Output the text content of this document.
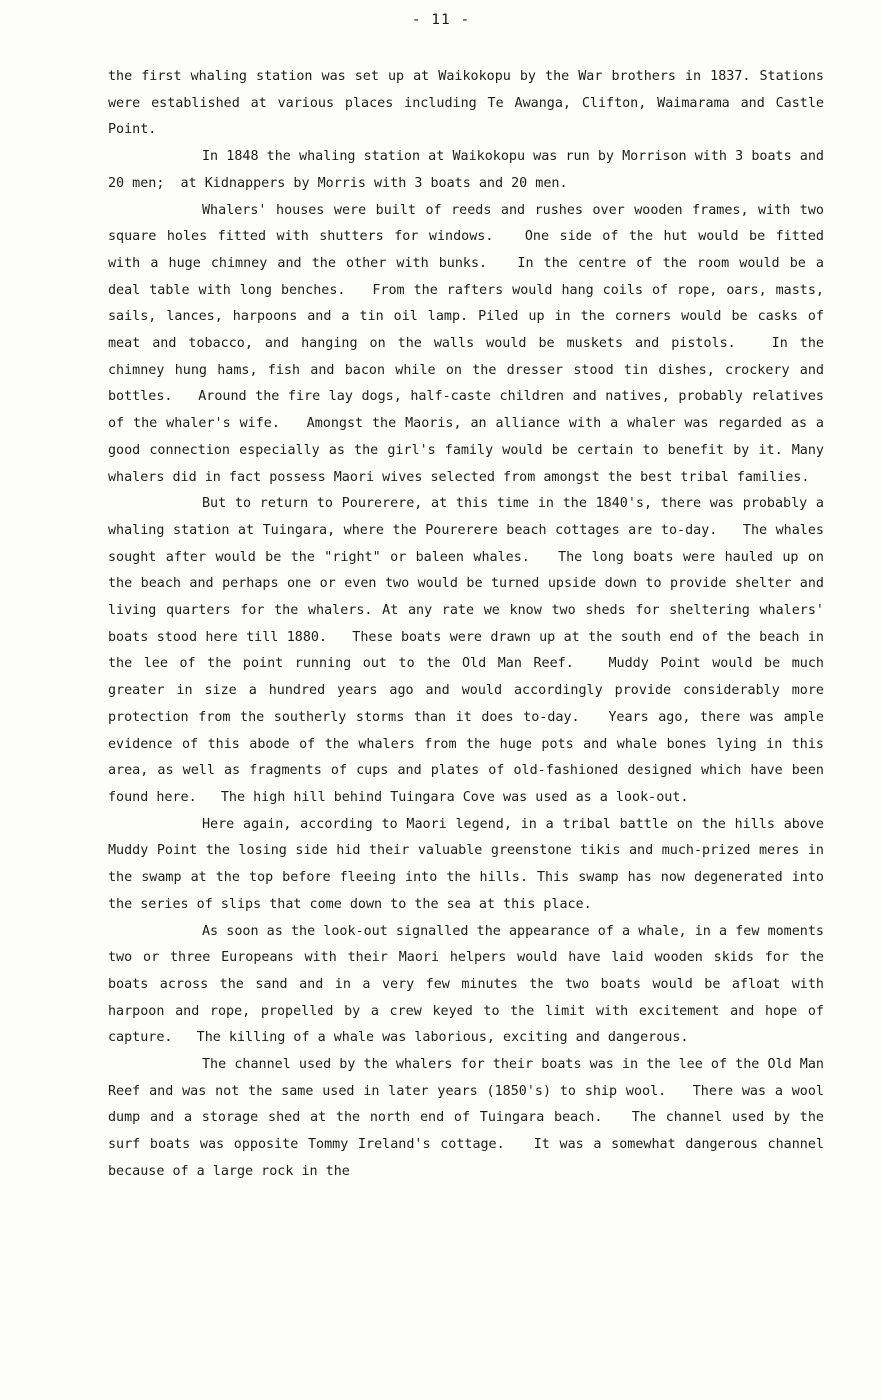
- 11 -

the first whaling station was set up at Waikokopu by the War brothers in 1837. Stations were established at various places including Te Awanga, Clifton, Waimarama and Castle Point.

In 1848 the whaling station at Waikokopu was run by Morrison with 3 boats and 20 men;  at Kidnappers by Morris with 3 boats and 20 men.

Whalers' houses were built of reeds and rushes over wooden frames, with two square holes fitted with shutters for windows.   One side of the hut would be fitted with a huge chimney and the other with bunks.   In the centre of the room would be a deal table with long benches.   From the rafters would hang coils of rope, oars, masts, sails, lances, harpoons and a tin oil lamp. Piled up in the corners would be casks of meat and tobacco, and hanging on the walls would be muskets and pistols.   In the chimney hung hams, fish and bacon while on the dresser stood tin dishes, crockery and bottles.   Around the fire lay dogs, half-caste children and natives, probably relatives of the whaler's wife.   Amongst the Maoris, an alliance with a whaler was regarded as a good connection especially as the girl's family would be certain to benefit by it. Many whalers did in fact possess Maori wives selected from amongst the best tribal families.

But to return to Pourerere, at this time in the 1840's, there was probably a whaling station at Tuingara, where the Pourerere beach cottages are to-day.   The whales sought after would be the "right" or baleen whales.   The long boats were hauled up on the beach and perhaps one or even two would be turned upside down to provide shelter and living quarters for the whalers. At any rate we know two sheds for sheltering whalers' boats stood here till 1880.   These boats were drawn up at the south end of the beach in the lee of the point running out to the Old Man Reef.   Muddy Point would be much greater in size a hundred years ago and would accordingly provide considerably more protection from the southerly storms than it does to-day.   Years ago, there was ample evidence of this abode of the whalers from the huge pots and whale bones lying in this area, as well as fragments of cups and plates of old-fashioned designed which have been found here.   The high hill behind Tuingara Cove was used as a look-out.

Here again, according to Maori legend, in a tribal battle on the hills above Muddy Point the losing side hid their valuable greenstone tikis and much-prized meres in the swamp at the top before fleeing into the hills. This swamp has now degenerated into the series of slips that come down to the sea at this place.

As soon as the look-out signalled the appearance of a whale, in a few moments two or three Europeans with their Maori helpers would have laid wooden skids for the boats across the sand and in a very few minutes the two boats would be afloat with harpoon and rope, propelled by a crew keyed to the limit with excitement and hope of capture.   The killing of a whale was laborious, exciting and dangerous.

The channel used by the whalers for their boats was in the lee of the Old Man Reef and was not the same used in later years (1850's) to ship wool.   There was a wool dump and a storage shed at the north end of Tuingara beach.   The channel used by the surf boats was opposite Tommy Ireland's cottage.   It was a somewhat dangerous channel because of a large rock in the
